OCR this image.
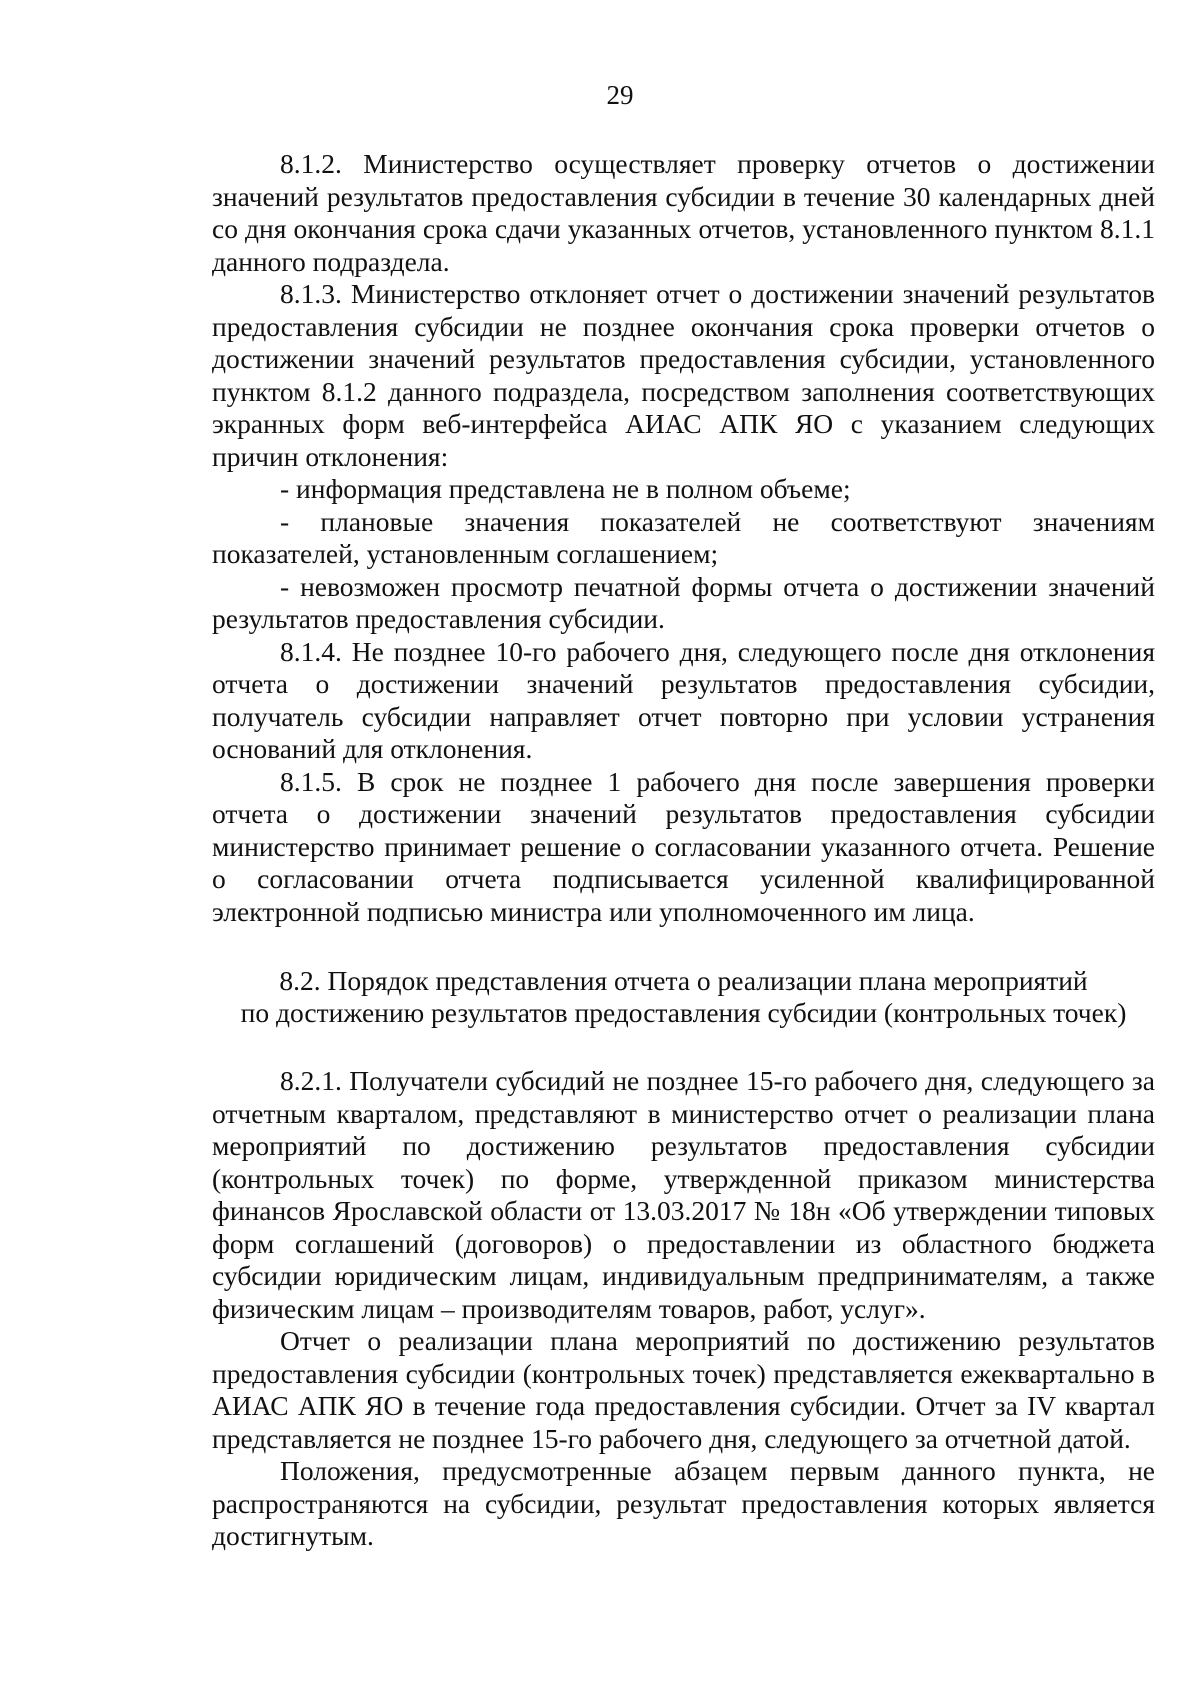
29

8.1.2. Министерство осуществляет проверку отчетов о достижении значений результатов предоставления субсидии в течение 30 календарных дней со дня окончания срока сдачи указанных отчетов, установленного пунктом 8.1.1 данного подраздела.

8.1.3. Министерство отклоняет отчет о достижении значений результатов предоставления субсидии не позднее окончания срока проверки отчетов о достижении значений результатов предоставления субсидии, установленного пунктом 8.1.2 данного подраздела, посредством заполнения соответствующих экранных форм веб-интерфейса АИАС АПК ЯО с указанием следующих причин отклонения:

- информация представлена не в полном объеме;

- плановые значения показателей не соответствуют значениям показателей, установленным соглашением;

- невозможен просмотр печатной формы отчета о достижении значений результатов предоставления субсидии.

8.1.4. Не позднее 10-го рабочего дня, следующего после дня отклонения отчета о достижении значений результатов предоставления субсидии, получатель субсидии направляет отчет повторно при условии устранения оснований для отклонения.

8.1.5. В срок не позднее 1 рабочего дня после завершения проверки отчета о достижении значений результатов предоставления субсидии министерство принимает решение о согласовании указанного отчета. Решение о согласовании отчета подписывается усиленной квалифицированной электронной подписью министра или уполномоченного им лица.

8.2. Порядок представления отчета о реализации плана мероприятий
по достижению результатов предоставления субсидии (контрольных точек)

8.2.1. Получатели субсидий не позднее 15-го рабочего дня, следующего за отчетным кварталом, представляют в министерство отчет о реализации плана мероприятий по достижению результатов предоставления субсидии (контрольных точек) по форме, утвержденной приказом министерства финансов Ярославской области от 13.03.2017 № 18н «Об утверждении типовых форм соглашений (договоров) о предоставлении из областного бюджета субсидии юридическим лицам, индивидуальным предпринимателям, а также физическим лицам – производителям товаров, работ, услуг».

Отчет о реализации плана мероприятий по достижению результатов предоставления субсидии (контрольных точек) представляется ежеквартально в АИАС АПК ЯО в течение года предоставления субсидии. Отчет за IV квартал представляется не позднее 15-го рабочего дня, следующего за отчетной датой.

Положения, предусмотренные абзацем первым данного пункта, не распространяются на субсидии, результат предоставления которых является достигнутым.
